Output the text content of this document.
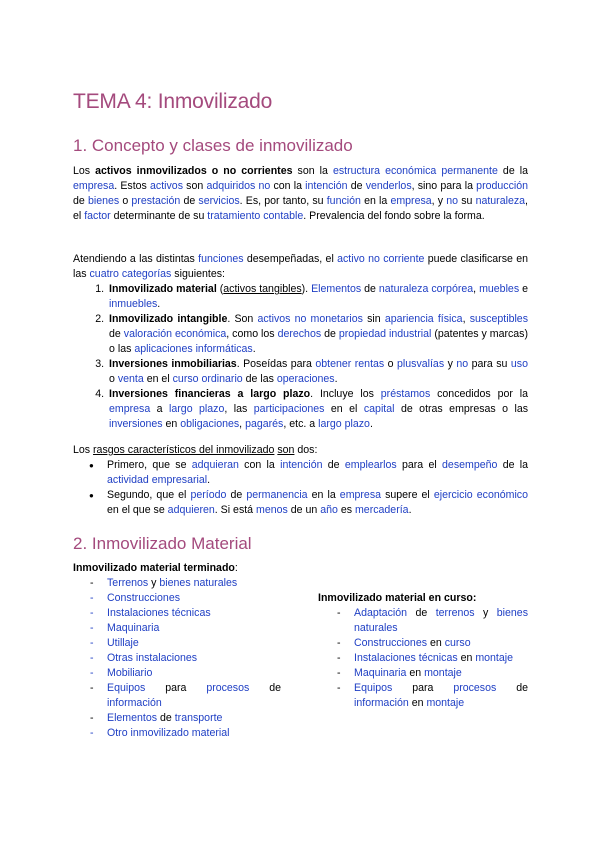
TEMA 4: Inmovilizado
1. Concepto y clases de inmovilizado
Los activos inmovilizados o no corrientes son la estructura económica permanente de la empresa. Estos activos son adquiridos no con la intención de venderlos, sino para la producción de bienes o prestación de servicios. Es, por tanto, su función en la empresa, y no su naturaleza, el factor determinante de su tratamiento contable. Prevalencia del fondo sobre la forma.
Atendiendo a las distintas funciones desempeñadas, el activo no corriente puede clasificarse en las cuatro categorías siguientes:
1. Inmovilizado material (activos tangibles). Elementos de naturaleza corpórea, muebles e inmuebles.
2. Inmovilizado intangible. Son activos no monetarios sin apariencia física, susceptibles de valoración económica, como los derechos de propiedad industrial (patentes y marcas) o las aplicaciones informáticas.
3. Inversiones inmobiliarias. Poseídas para obtener rentas o plusvalías y no para su uso o venta en el curso ordinario de las operaciones.
4. Inversiones financieras a largo plazo. Incluye los préstamos concedidos por la empresa a largo plazo, las participaciones en el capital de otras empresas o las inversiones en obligaciones, pagarés, etc. a largo plazo.
Los rasgos característicos del inmovilizado son dos:
● Primero, que se adquieran con la intención de emplearlos para el desempeño de la actividad empresarial.
● Segundo, que el período de permanencia en la empresa supere el ejercicio económico en el que se adquieren. Si está menos de un año es mercadería.
2. Inmovilizado Material
Inmovilizado material terminado:
- Terrenos y bienes naturales
- Construcciones
- Instalaciones técnicas
- Maquinaria
- Utillaje
- Otras instalaciones
- Mobiliario
- Equipos para procesos de información
- Elementos de transporte
- Otro inmovilizado material
Inmovilizado material en curso:
- Adaptación de terrenos y bienes naturales
- Construcciones en curso
- Instalaciones técnicas en montaje
- Maquinaria en montaje
- Equipos para procesos de información en montaje
